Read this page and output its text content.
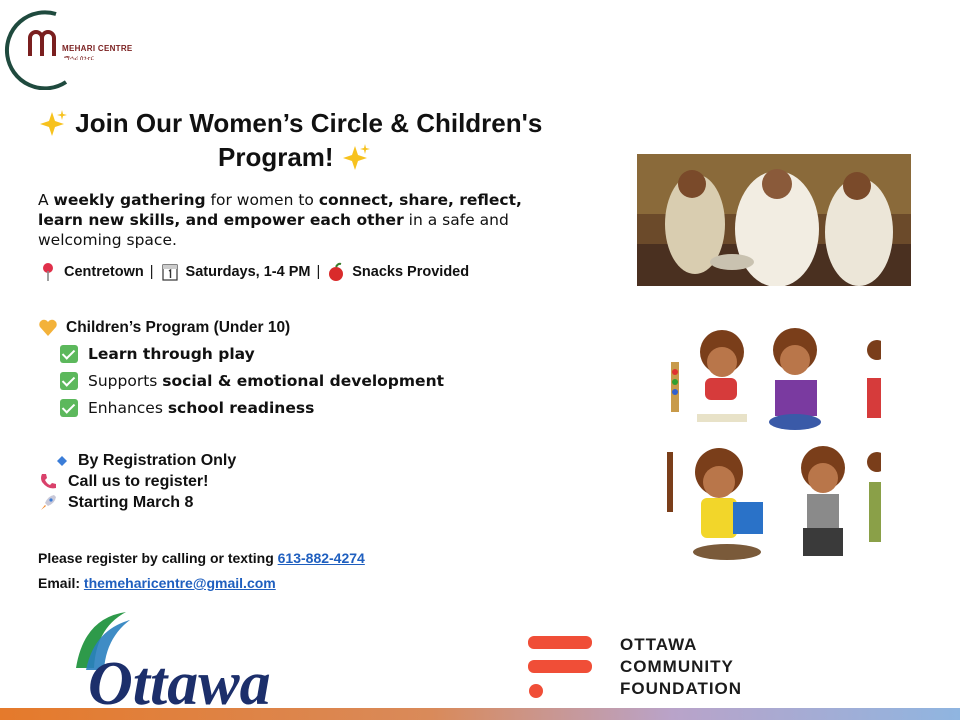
MEHARI CENTRE
ማሓሪ ሰንተር
Join Our Women’s Circle & Children's
Program!
A weekly gathering for women to connect, share, reflect, learn new skills, and empower each other in a safe and welcoming space.
Centretown | Saturdays, 1-4 PM | Snacks Provided
Children’s Program (Under 10)
Learn through play
Supports social & emotional development
Enhances school readiness
By Registration Only
Call us to register!
Starting March 8
Please register by calling or texting 613-882-4274
Email: themeharicentre@gmail.com
Ottawa
OTTAWA
COMMUNITY
FOUNDATION
